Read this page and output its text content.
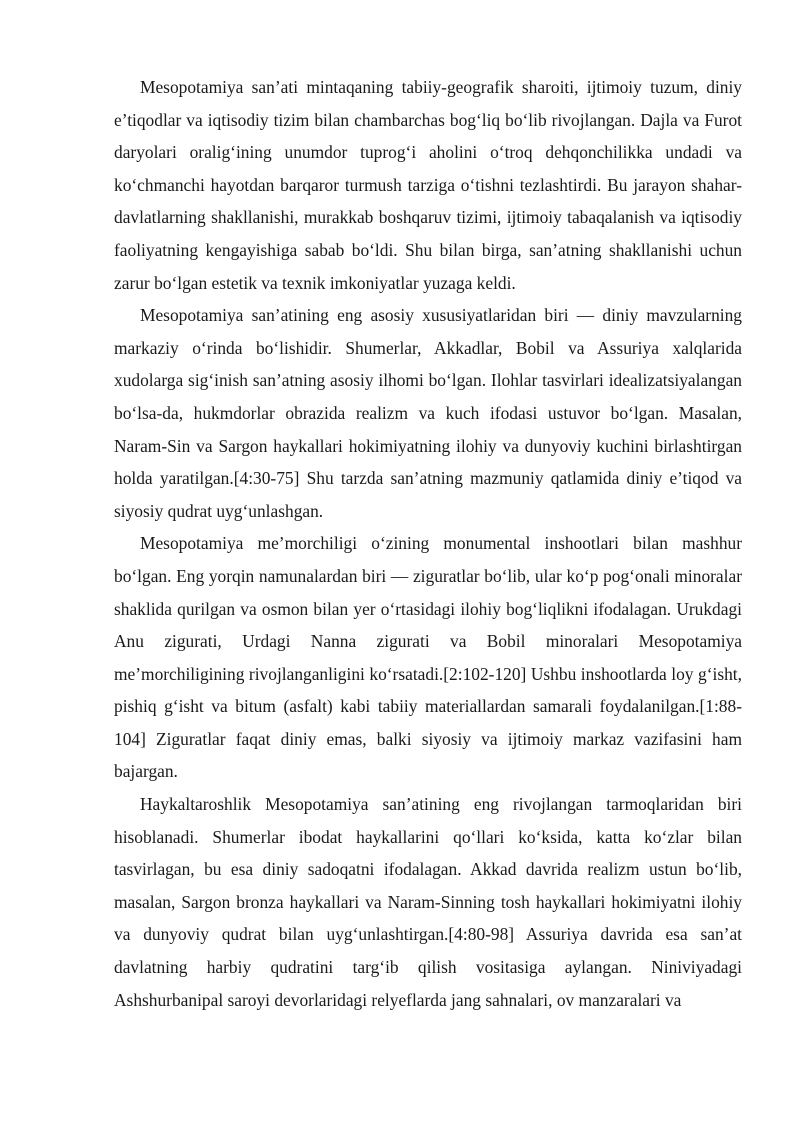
Mesopotamiya san’ati mintaqaning tabiiy-geografik sharoiti, ijtimoiy tuzum, diniy e’tiqodlar va iqtisodiy tizim bilan chambarchas bog‘liq bo‘lib rivojlangan. Dajla va Furot daryolari oralig‘ining unumdor tuprog‘i aholini o‘troq dehqonchilikka undadi va ko‘chmanchi hayotdan barqaror turmush tarziga o‘tishni tezlashtirdi. Bu jarayon shahar-davlatlarning shakllanishi, murakkab boshqaruv tizimi, ijtimoiy tabaqalanish va iqtisodiy faoliyatning kengayishiga sabab bo‘ldi. Shu bilan birga, san’atning shakllanishi uchun zarur bo‘lgan estetik va texnik imkoniyatlar yuzaga keldi.

Mesopotamiya san’atining eng asosiy xususiyatlaridan biri — diniy mavzularning markaziy o‘rinda bo‘lishidir. Shumerlar, Akkadlar, Bobil va Assuriya xalqlarida xudolarga sig‘inish san’atning asosiy ilhomi bo‘lgan. Ilohlar tasvirlari idealizatsiyalangan bo‘lsa-da, hukmdorlar obrazida realizm va kuch ifodasi ustuvor bo‘lgan. Masalan, Naram-Sin va Sargon haykallari hokimiyatning ilohiy va dunyoviy kuchini birlashtirgan holda yaratilgan.[4:30-75] Shu tarzda san’atning mazmuniy qatlamida diniy e’tiqod va siyosiy qudrat uyg‘unlashgan.

Mesopotamiya me’morchiligi o‘zining monumental inshootlari bilan mashhur bo‘lgan. Eng yorqin namunalardan biri — ziguratlar bo‘lib, ular ko‘p pog‘onali minoralar shaklida qurilgan va osmon bilan yer o‘rtasidagi ilohiy bog‘liqlikni ifodalagan. Urukdagi Anu zigurati, Urdagi Nanna zigurati va Bobil minoralari Mesopotamiya me’morchiligining rivojlanganligini ko‘rsatadi.[2:102-120] Ushbu inshootlarda loy g‘isht, pishiq g‘isht va bitum (asfalt) kabi tabiiy materiallardan samarali foydalanilgan.[1:88-104] Ziguratlar faqat diniy emas, balki siyosiy va ijtimoiy markaz vazifasini ham bajargan.

Haykaltaroshlik Mesopotamiya san’atining eng rivojlangan tarmoqlaridan biri hisoblanadi. Shumerlar ibodat haykallarini qo‘llari ko‘ksida, katta ko‘zlar bilan tasvirlagan, bu esa diniy sadoqatni ifodalagan. Akkad davrida realizm ustun bo‘lib, masalan, Sargon bronza haykallari va Naram-Sinning tosh haykallari hokimiyatni ilohiy va dunyoviy qudrat bilan uyg‘unlashtirgan.[4:80-98] Assuriya davrida esa san’at davlatning harbiy qudratini targ‘ib qilish vositasiga aylangan. Niniviyadagi Ashshurbanipal saroyi devorlaridagi relyeflarda jang sahnalari, ov manzaralari va
